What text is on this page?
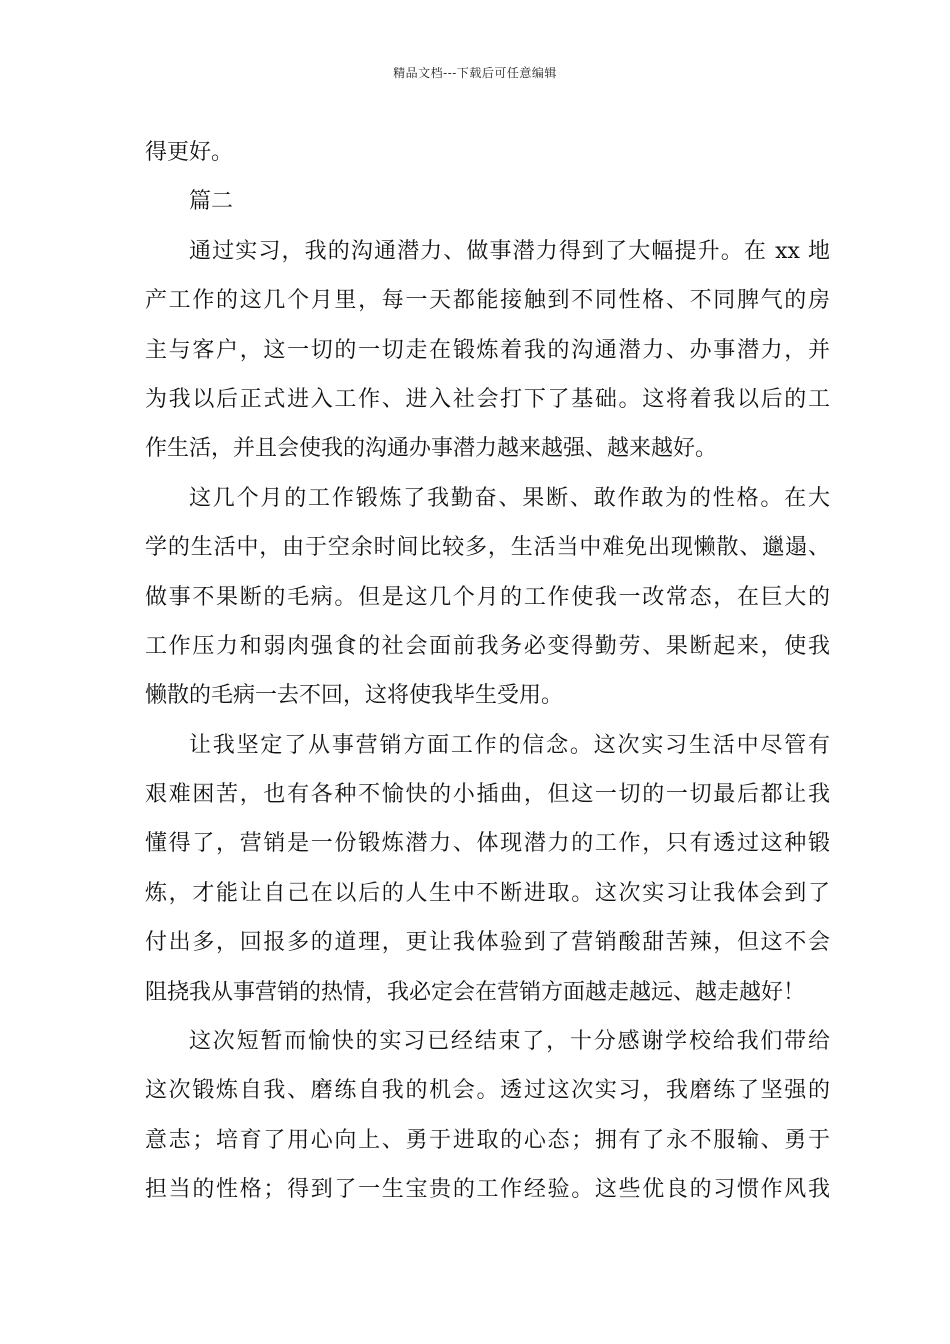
精品文档---下载后可任意编辑
得更好。
篇二
通过实习，我的沟通潜力、做事潜力得到了大幅提升。在 xx 地
产工作的这几个月里，每一天都能接触到不同性格、不同脾气的房
主与客户，这一切的一切走在锻炼着我的沟通潜力、办事潜力，并
为我以后正式进入工作、进入社会打下了基础。这将着我以后的工
作生活，并且会使我的沟通办事潜力越来越强、越来越好。
这几个月的工作锻炼了我勤奋、果断、敢作敢为的性格。在大
学的生活中，由于空余时间比较多，生活当中难免出现懒散、邋遢、
做事不果断的毛病。但是这几个月的工作使我一改常态，在巨大的
工作压力和弱肉强食的社会面前我务必变得勤劳、果断起来，使我
懒散的毛病一去不回，这将使我毕生受用。
让我坚定了从事营销方面工作的信念。这次实习生活中尽管有
艰难困苦，也有各种不愉快的小插曲，但这一切的一切最后都让我
懂得了，营销是一份锻炼潜力、体现潜力的工作，只有透过这种锻
炼，才能让自己在以后的人生中不断进取。这次实习让我体会到了
付出多，回报多的道理，更让我体验到了营销酸甜苦辣，但这不会
阻挠我从事营销的热情，我必定会在营销方面越走越远、越走越好！
这次短暂而愉快的实习已经结束了，十分感谢学校给我们带给
这次锻炼自我、磨练自我的机会。透过这次实习，我磨练了坚强的
意志；培育了用心向上、勇于进取的心态；拥有了永不服输、勇于
担当的性格；得到了一生宝贵的工作经验。这些优良的习惯作风我
